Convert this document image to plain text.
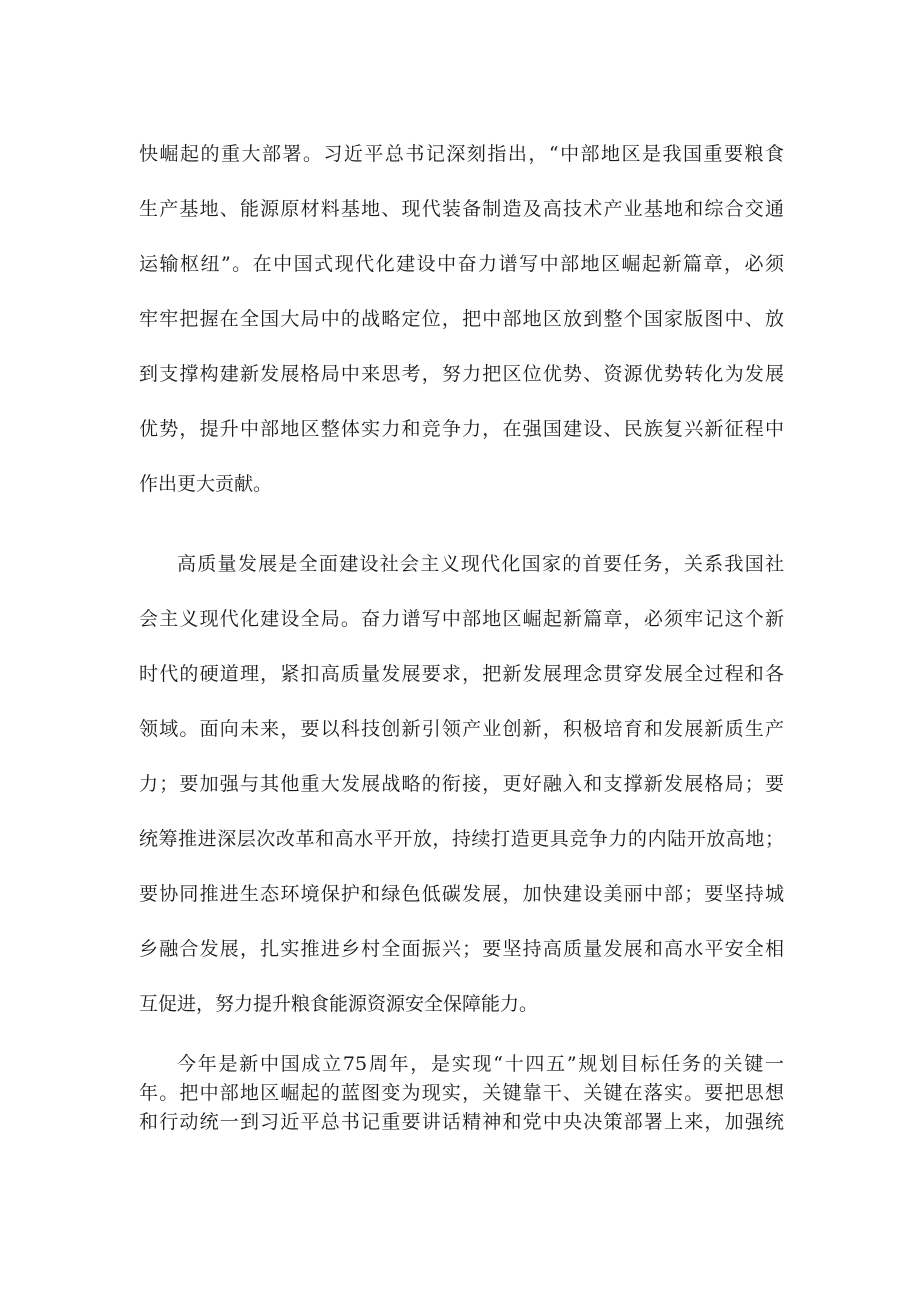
快崛起的重大部署。习近平总书记深刻指出，“中部地区是我国重要粮食

生产基地、能源原材料基地、现代装备制造及高技术产业基地和综合交通

运输枢纽”。在中国式现代化建设中奋力谱写中部地区崛起新篇章，必须

牢牢把握在全国大局中的战略定位，把中部地区放到整个国家版图中、放

到支撑构建新发展格局中来思考，努力把区位优势、资源优势转化为发展

优势，提升中部地区整体实力和竞争力，在强国建设、民族复兴新征程中

作出更大贡献。

高质量发展是全面建设社会主义现代化国家的首要任务，关系我国社

会主义现代化建设全局。奋力谱写中部地区崛起新篇章，必须牢记这个新

时代的硬道理，紧扣高质量发展要求，把新发展理念贯穿发展全过程和各

领域。面向未来，要以科技创新引领产业创新，积极培育和发展新质生产

力；要加强与其他重大发展战略的衔接，更好融入和支撑新发展格局；要

统筹推进深层次改革和高水平开放，持续打造更具竞争力的内陆开放高地；

要协同推进生态环境保护和绿色低碳发展，加快建设美丽中部；要坚持城

乡融合发展，扎实推进乡村全面振兴；要坚持高质量发展和高水平安全相

互促进，努力提升粮食能源资源安全保障能力。

今年是新中国成立75周年，是实现“十四五”规划目标任务的关键一

年。把中部地区崛起的蓝图变为现实，关键靠干、关键在落实。要把思想

和行动统一到习近平总书记重要讲话精神和党中央决策部署上来，加强统
